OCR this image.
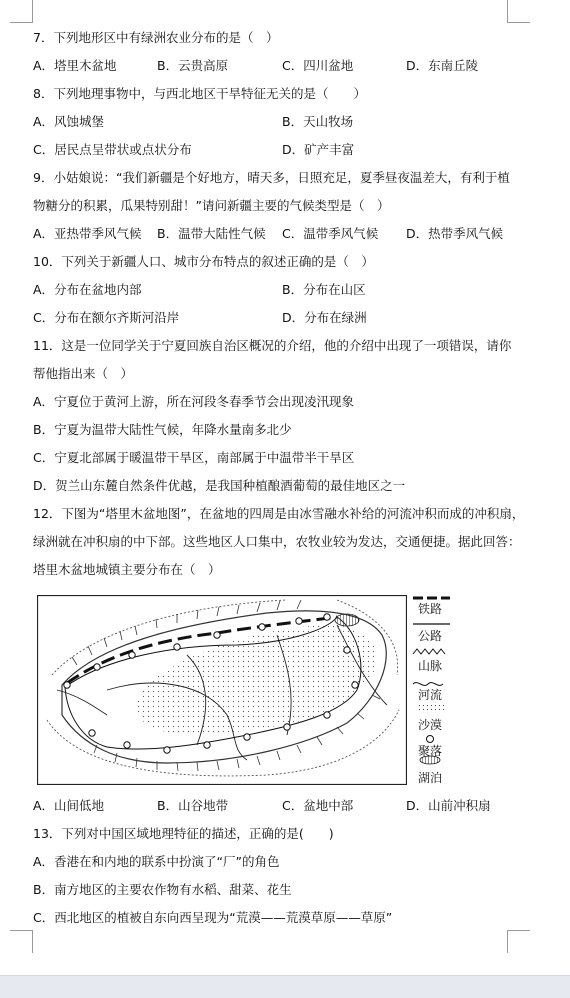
7．下列地形区中有绿洲农业分布的是（　）
A．塔里木盆地	B．云贵高原	C．四川盆地	D．东南丘陵
8．下列地理事物中，与西北地区干旱特征无关的是（　　）
A．风蚀城堡	B．天山牧场
C．居民点呈带状或点状分布	D．矿产丰富
9．小姑娘说：“我们新疆是个好地方，晴天多，日照充足，夏季昼夜温差大，有利于植
物糖分的积累，瓜果特别甜！”请问新疆主要的气候类型是（　）
A．亚热带季风气候 B．温带大陆性气候 C．温带季风气候 D．热带季风气候
10．下列关于新疆人口、城市分布特点的叙述正确的是（　）
A．分布在盆地内部	B．分布在山区
C．分布在额尔齐斯河沿岸	D．分布在绿洲
11．这是一位同学关于宁夏回族自治区概况的介绍，他的介绍中出现了一项错误，请你
帮他指出来（　）
A．宁夏位于黄河上游，所在河段冬春季节会出现凌汛现象
B．宁夏为温带大陆性气候，年降水量南多北少
C．宁夏北部属于暖温带干旱区，南部属于中温带半干旱区
D．贺兰山东麓自然条件优越，是我国种植酿酒葡萄的最佳地区之一
12．下图为“塔里木盆地图”，在盆地的四周是由冰雪融水补给的河流冲积而成的冲积扇，
绿洲就在冲积扇的中下部。这些地区人口集中，农牧业较为发达，交通便捷。据此回答：
塔里木盆地城镇主要分布在（　）
铁路
公路
山脉
河流
沙漠
聚落
湖泊
A．山间低地	B．山谷地带	C．盆地中部	D．山前冲积扇
13．下列对中国区域地理特征的描述，正确的是(　　)
A．香港在和内地的联系中扮演了“厂”的角色
B．南方地区的主要农作物有水稻、甜菜、花生
C．西北地区的植被自东向西呈现为“荒漠——荒漠草原——草原”
